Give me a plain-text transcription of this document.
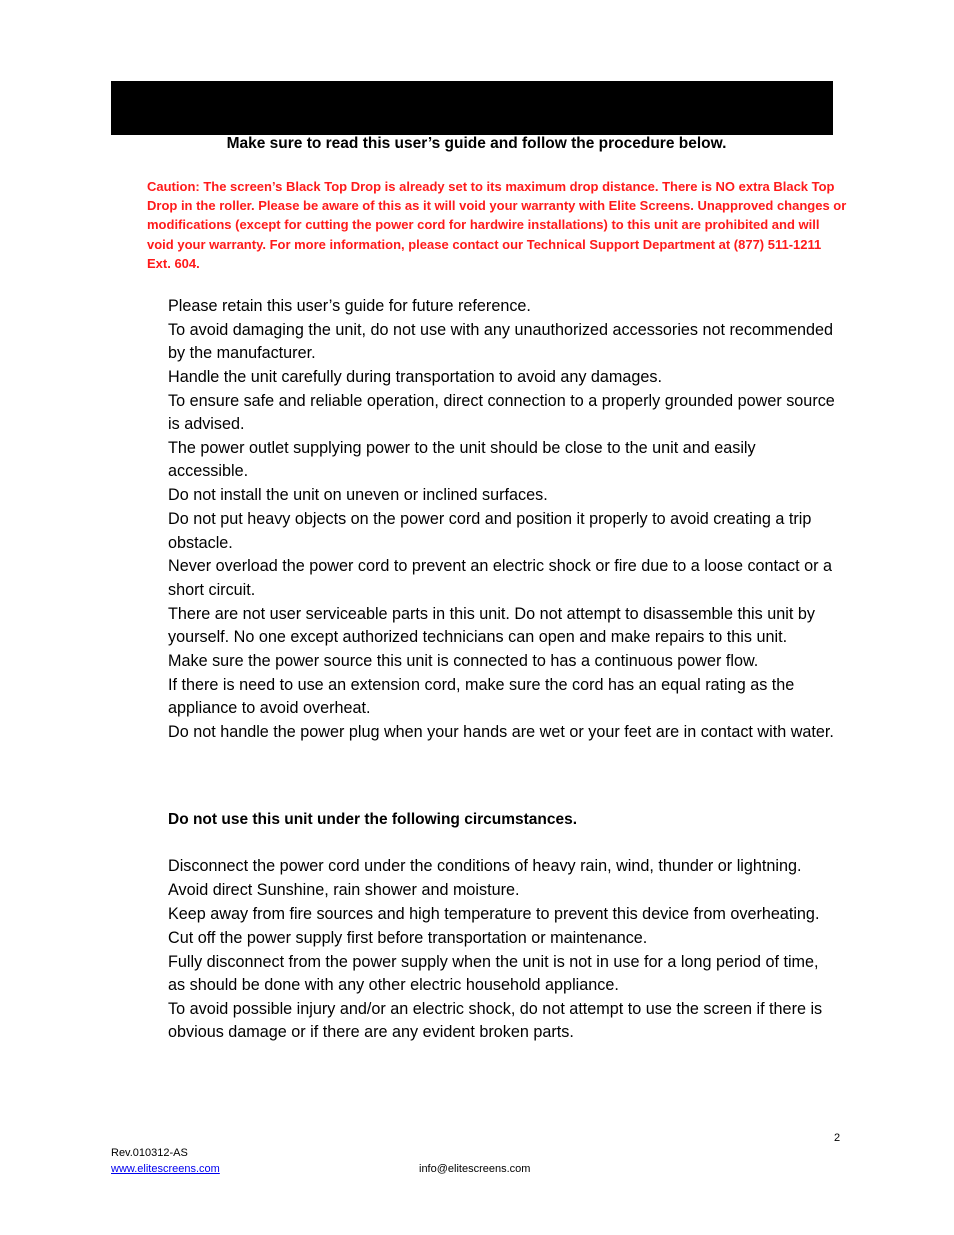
Make sure to read this user’s guide and follow the procedure below.
Caution: The screen’s Black Top Drop is already set to its maximum drop distance. There is NO extra Black Top Drop in the roller. Please be aware of this as it will void your warranty with Elite Screens. Unapproved changes or modifications (except for cutting the power cord for hardwire installations) to this unit are prohibited and will void your warranty. For more information, please contact our Technical Support Department at (877) 511-1211 Ext. 604.
Please retain this user’s guide for future reference.
To avoid damaging the unit, do not use with any unauthorized accessories not recommended by the manufacturer.
Handle the unit carefully during transportation to avoid any damages.
To ensure safe and reliable operation, direct connection to a properly grounded power source is advised.
The power outlet supplying power to the unit should be close to the unit and easily accessible.
Do not install the unit on uneven or inclined surfaces.
Do not put heavy objects on the power cord and position it properly to avoid creating a trip obstacle.
Never overload the power cord to prevent an electric shock or fire due to a loose contact or a short circuit.
There are not user serviceable parts in this unit. Do not attempt to disassemble this unit by yourself. No one except authorized technicians can open and make repairs to this unit.
Make sure the power source this unit is connected to has a continuous power flow.
If there is need to use an extension cord, make sure the cord has an equal rating as the appliance to avoid overheat.
Do not handle the power plug when your hands are wet or your feet are in contact with water.
Do not use this unit under the following circumstances.
Disconnect the power cord under the conditions of heavy rain, wind, thunder or lightning.
Avoid direct Sunshine, rain shower and moisture.
Keep away from fire sources and high temperature to prevent this device from overheating.
Cut off the power supply first before transportation or maintenance.
Fully disconnect from the power supply when the unit is not in use for a long period of time, as should be done with any other electric household appliance.
To avoid possible injury and/or an electric shock, do not attempt to use the screen if there is obvious damage or if there are any evident broken parts.
2
Rev.010312-AS
www.elitescreens.com	info@elitescreens.com
